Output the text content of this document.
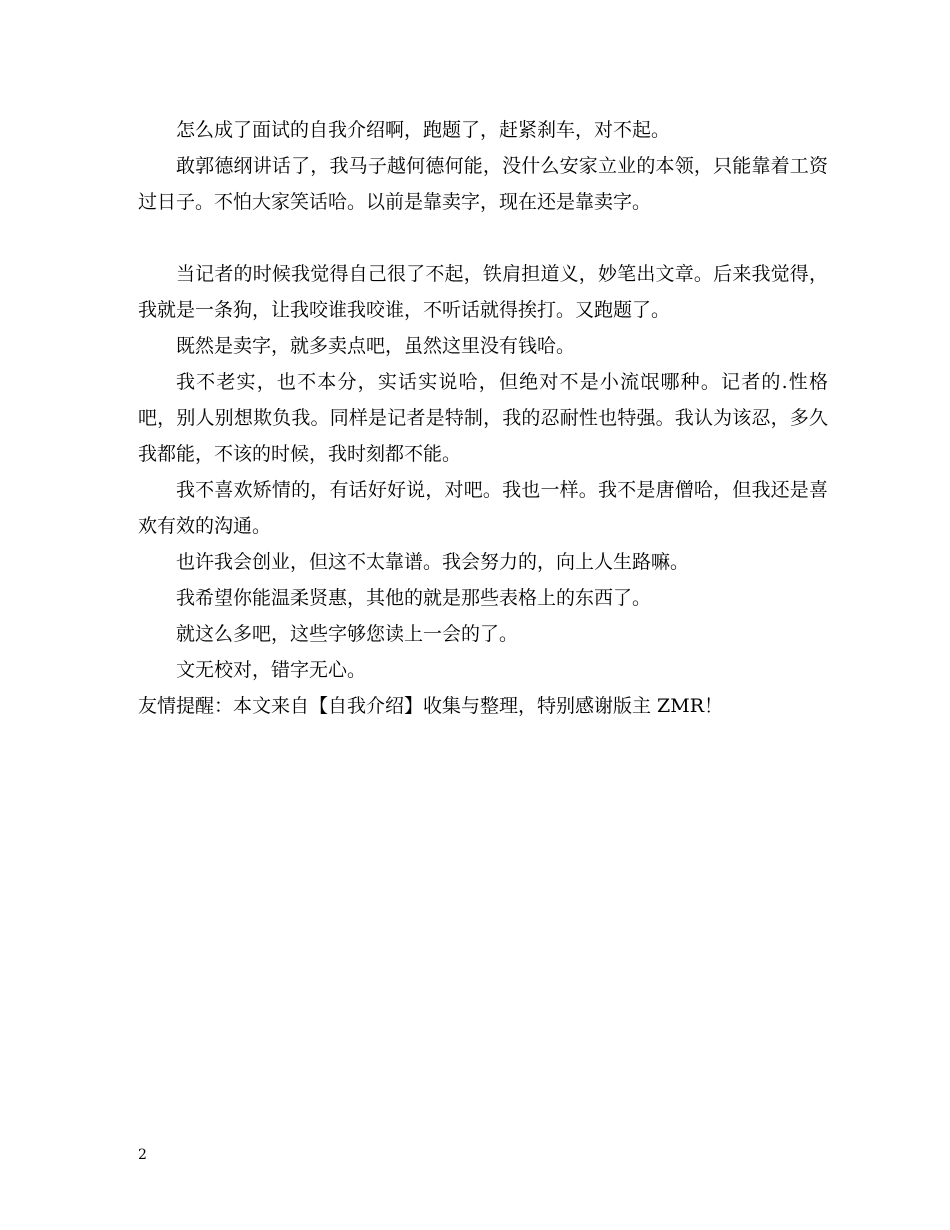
怎么成了面试的自我介绍啊，跑题了，赶紧刹车，对不起。

敢郭德纲讲话了，我马子越何德何能，没什么安家立业的本领，只能靠着工资过日子。不怕大家笑话哈。以前是靠卖字，现在还是靠卖字。

当记者的时候我觉得自己很了不起，铁肩担道义，妙笔出文章。后来我觉得，我就是一条狗，让我咬谁我咬谁，不听话就得挨打。又跑题了。

既然是卖字，就多卖点吧，虽然这里没有钱哈。

我不老实，也不本分，实话实说哈，但绝对不是小流氓哪种。记者的.性格吧，别人别想欺负我。同样是记者是特制，我的忍耐性也特强。我认为该忍，多久我都能，不该的时候，我时刻都不能。

我不喜欢矫情的，有话好好说，对吧。我也一样。我不是唐僧哈，但我还是喜欢有效的沟通。

也许我会创业，但这不太靠谱。我会努力的，向上人生路嘛。

我希望你能温柔贤惠，其他的就是那些表格上的东西了。

就这么多吧，这些字够您读上一会的了。

文无校对，错字无心。

友情提醒：本文来自【自我介绍】收集与整理，特别感谢版主 ZMR！

2
